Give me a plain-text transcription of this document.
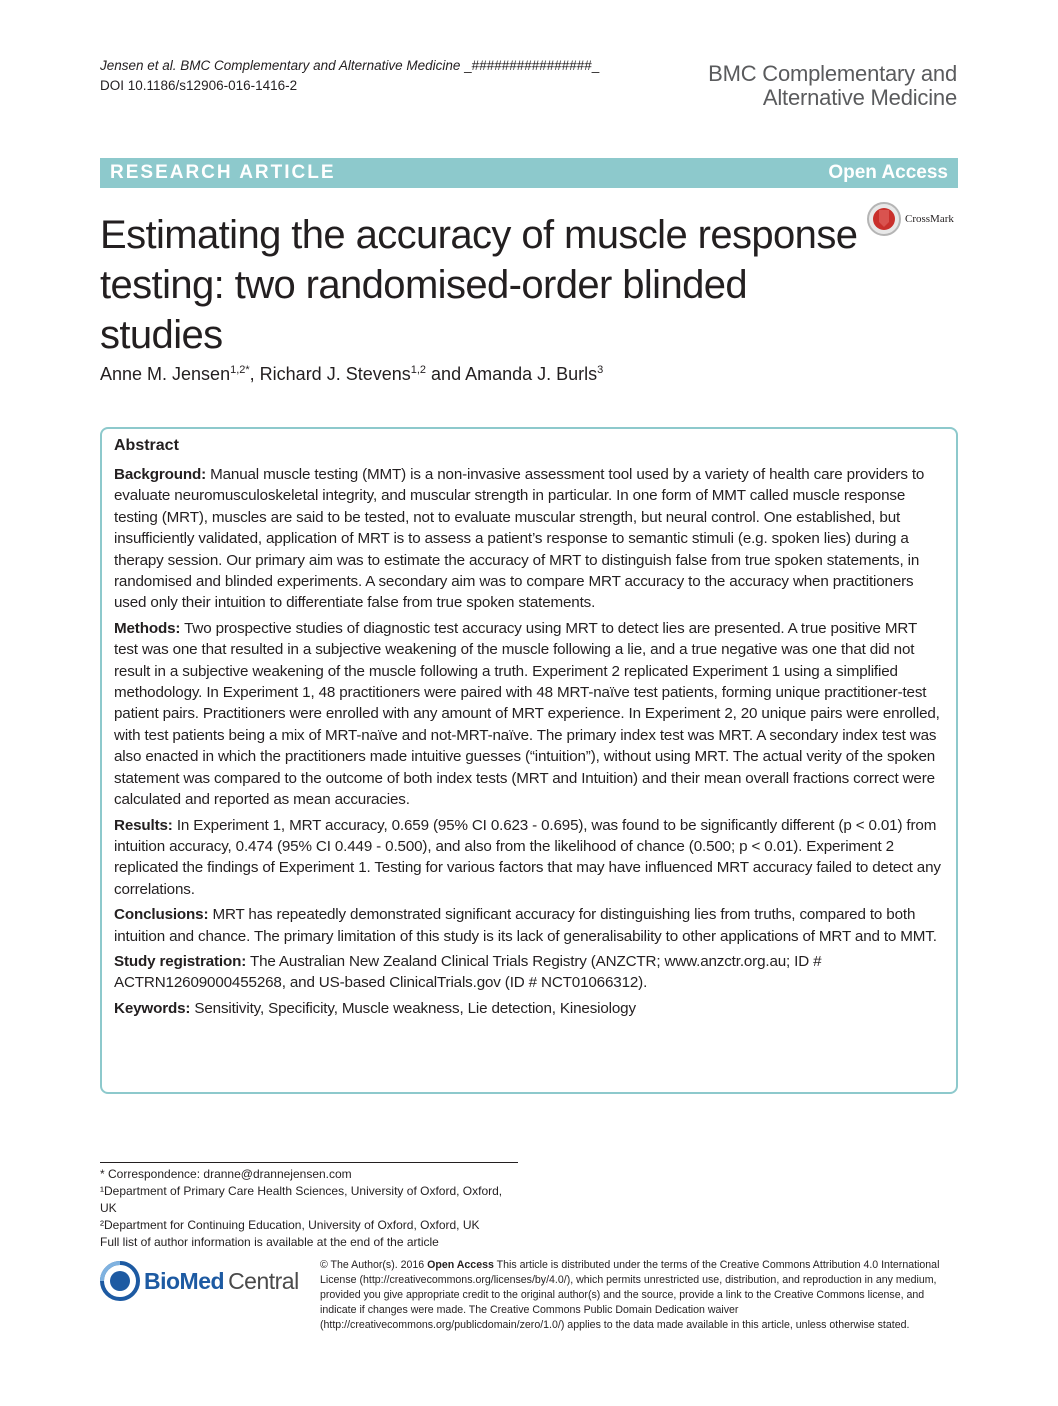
Jensen et al. BMC Complementary and Alternative Medicine _################_
DOI 10.1186/s12906-016-1416-2	BMC Complementary and
Alternative Medicine
RESEARCH ARTICLE	Open Access
Estimating the accuracy of muscle response testing: two randomised-order blinded studies
CrossMark
Anne M. Jensen$^{1,2*}$, Richard J. Stevens$^{1,2}$ and Amanda J. Burls$^3$
Abstract

Background: Manual muscle testing (MMT) is a non-invasive assessment tool used by a variety of health care providers to evaluate neuromusculoskeletal integrity, and muscular strength in particular. In one form of MMT called muscle response testing (MRT), muscles are said to be tested, not to evaluate muscular strength, but neural control. One established, but insufficiently validated, application of MRT is to assess a patient’s response to semantic stimuli (e.g. spoken lies) during a therapy session. Our primary aim was to estimate the accuracy of MRT to distinguish false from true spoken statements, in randomised and blinded experiments. A secondary aim was to compare MRT accuracy to the accuracy when practitioners used only their intuition to differentiate false from true spoken statements.

Methods: Two prospective studies of diagnostic test accuracy using MRT to detect lies are presented. A true positive MRT test was one that resulted in a subjective weakening of the muscle following a lie, and a true negative was one that did not result in a subjective weakening of the muscle following a truth. Experiment 2 replicated Experiment 1 using a simplified methodology. In Experiment 1, 48 practitioners were paired with 48 MRT-naïve test patients, forming unique practitioner-test patient pairs. Practitioners were enrolled with any amount of MRT experience. In Experiment 2, 20 unique pairs were enrolled, with test patients being a mix of MRT-naïve and not-MRT-naïve. The primary index test was MRT. A secondary index test was also enacted in which the practitioners made intuitive guesses (“intuition”), without using MRT. The actual verity of the spoken statement was compared to the outcome of both index tests (MRT and Intuition) and their mean overall fractions correct were calculated and reported as mean accuracies.

Results: In Experiment 1, MRT accuracy, 0.659 (95% CI 0.623 - 0.695), was found to be significantly different (p < 0.01) from intuition accuracy, 0.474 (95% CI 0.449 - 0.500), and also from the likelihood of chance (0.500; p < 0.01). Experiment 2 replicated the findings of Experiment 1. Testing for various factors that may have influenced MRT accuracy failed to detect any correlations.

Conclusions: MRT has repeatedly demonstrated significant accuracy for distinguishing lies from truths, compared to both intuition and chance. The primary limitation of this study is its lack of generalisability to other applications of MRT and to MMT.

Study registration: The Australian New Zealand Clinical Trials Registry (ANZCTR; www.anzctr.org.au; ID # ACTRN12609000455268, and US-based ClinicalTrials.gov (ID # NCT01066312).

Keywords: Sensitivity, Specificity, Muscle weakness, Lie detection, Kinesiology

* Correspondence: dranne@drannejensen.com
¹Department of Primary Care Health Sciences, University of Oxford, Oxford, UK
²Department for Continuing Education, University of Oxford, Oxford, UK
Full list of author information is available at the end of the article
BioMed Central
© The Author(s). 2016 Open Access This article is distributed under the terms of the Creative Commons Attribution 4.0 International License (http://creativecommons.org/licenses/by/4.0/), which permits unrestricted use, distribution, and reproduction in any medium, provided you give appropriate credit to the original author(s) and the source, provide a link to the Creative Commons license, and indicate if changes were made. The Creative Commons Public Domain Dedication waiver (http://creativecommons.org/publicdomain/zero/1.0/) applies to the data made available in this article, unless otherwise stated.
